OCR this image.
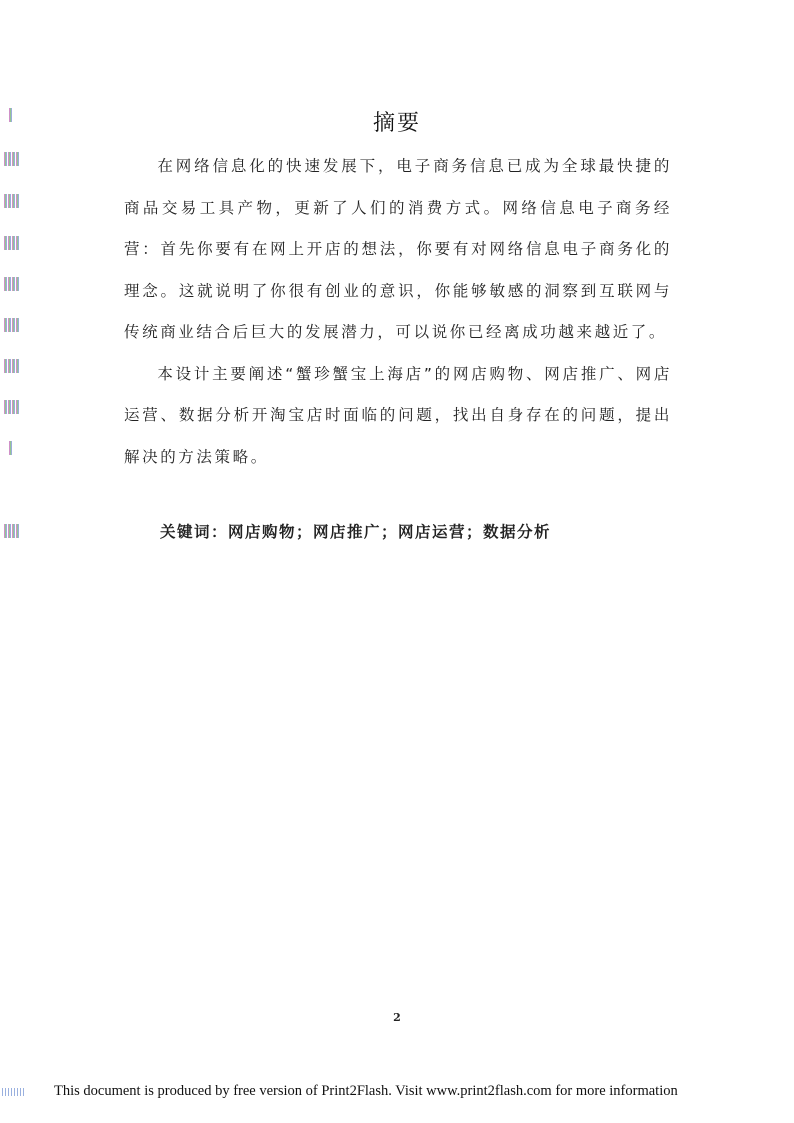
摘要

在网络信息化的快速发展下，电子商务信息已成为全球最快捷的商品交易工具产物，更新了人们的消费方式。网络信息电子商务经营：首先你要有在网上开店的想法，你要有对网络信息电子商务化的理念。这就说明了你很有创业的意识，你能够敏感的洞察到互联网与传统商业结合后巨大的发展潜力，可以说你已经离成功越来越近了。

本设计主要阐述“蟹珍蟹宝上海店”的网店购物、网店推广、网店运营、数据分析开淘宝店时面临的问题，找出自身存在的问题，提出解决的方法策略。

关键词：网店购物；网店推广；网店运营；数据分析
2
This document is produced by free version of Print2Flash. Visit www.print2flash.com for more information
